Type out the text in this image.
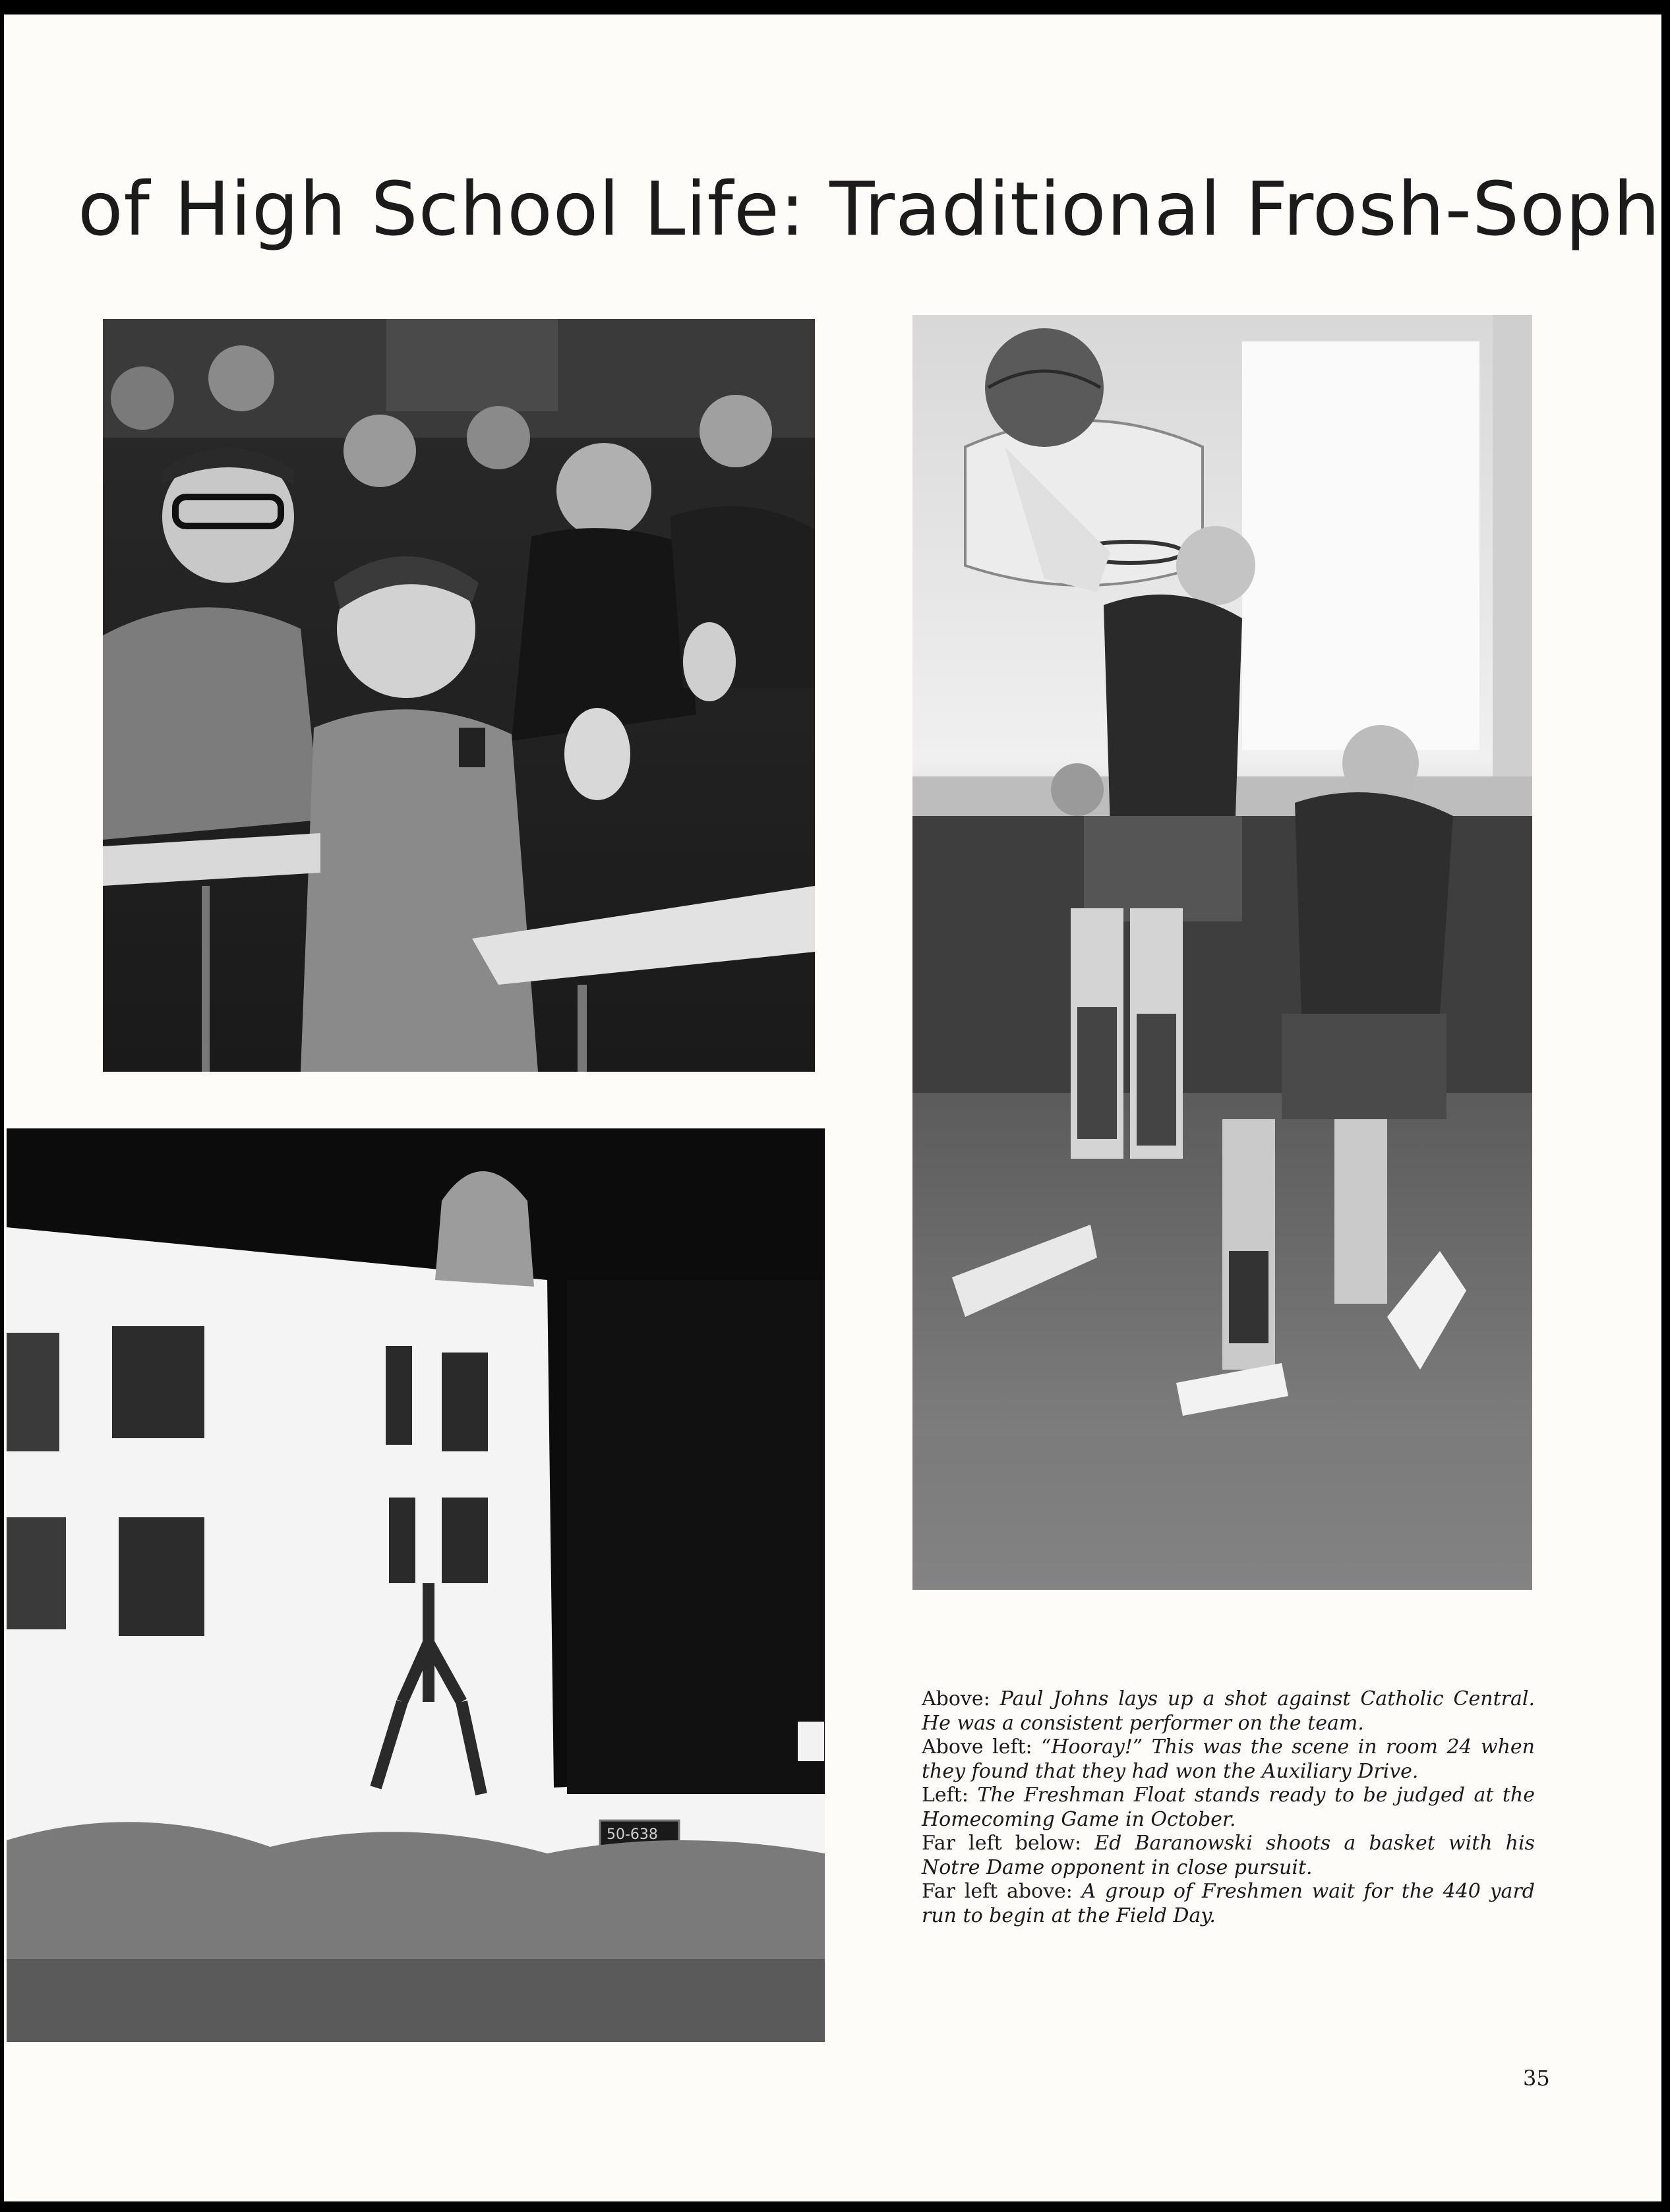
of High School Life: Traditional Frosh-Soph
50-638
Above: Paul Johns lays up a shot against Catholic Central. He was a consistent performer on the team.
Above left: “Hooray!” This was the scene in room 24 when they found that they had won the Auxiliary Drive.
Left: The Freshman Float stands ready to be judged at the Homecoming Game in October.
Far left below: Ed Baranowski shoots a basket with his Notre Dame opponent in close pursuit.
Far left above: A group of Freshmen wait for the 440 yard run to begin at the Field Day.
35
